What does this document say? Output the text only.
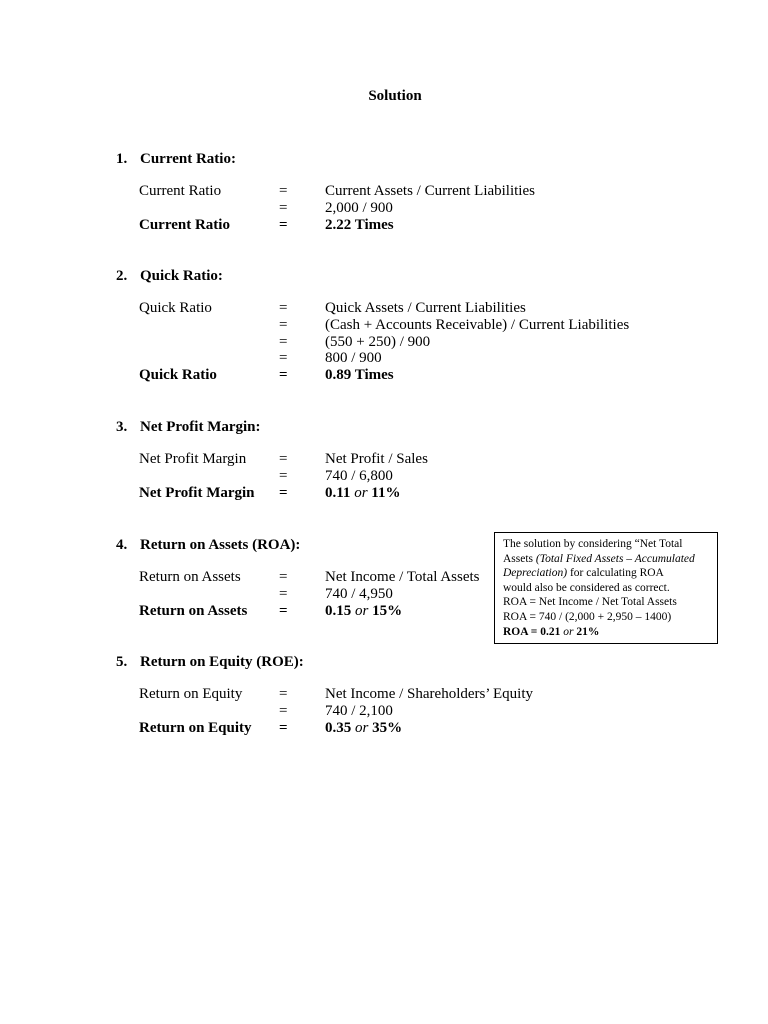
Solution
1. Current Ratio:
Current Ratio	=	Current Assets / Current Liabilities
=	2,000 / 900
Current Ratio	= 2.22 Times
2. Quick Ratio:
Quick Ratio	=	Quick Assets / Current Liabilities
=	(Cash + Accounts Receivable) / Current Liabilities
=	(550 + 250) / 900
=	800 / 900
Quick Ratio	= 0.89 Times
3. Net Profit Margin:
Net Profit Margin =	Net Profit / Sales
=	740 / 6,800
Net Profit Margin = 0.11 or 11%
4. Return on Assets (ROA):
Return on Assets	=	Net Income / Total Assets
=	740 / 4,950
Return on Assets = 0.15 or 15%
5. Return on Equity (ROE):
Return on Equity =	Net Income / Shareholders’ Equity
=	740 / 2,100
Return on Equity = 0.35 or 35%
The solution by considering “Net Total
Assets (Total Fixed Assets – Accumulated
Depreciation) for calculating ROA
would also be considered as correct.
ROA = Net Income / Net Total Assets
ROA = 740 / (2,000 + 2,950 – 1400)
ROA = 0.21 or 21%
